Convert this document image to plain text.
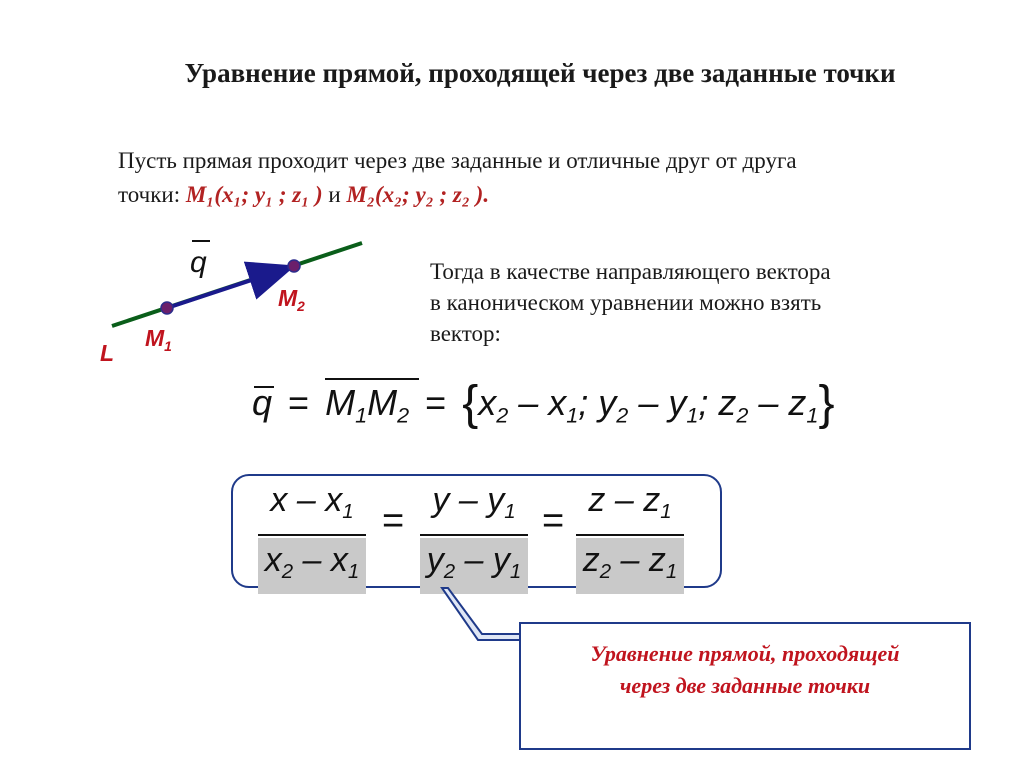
Уравнение прямой, проходящей через две заданные точки
Пусть прямая проходит через две заданные и отличные друг от друга
точки: M₁(x₁; y₁ ; z₁ ) и M₂(x₂; y₂ ; z₂ ).
q
$M_2$
$M_1$
L
Тогда в качестве направляющего вектора
в каноническом уравнении можно взять
вектор:
$q = M_1M_2 = \{x_2 - x_1$; $y_2 - y_1$; $z_2 - z_1$}
x – $x_1$
$x_2 - x_1$
= y – $y_1$
$y_2 - y_1$
= z – $z_1$
$z_2 - z_1$
Уравнение прямой, проходящей
через две заданные точки
